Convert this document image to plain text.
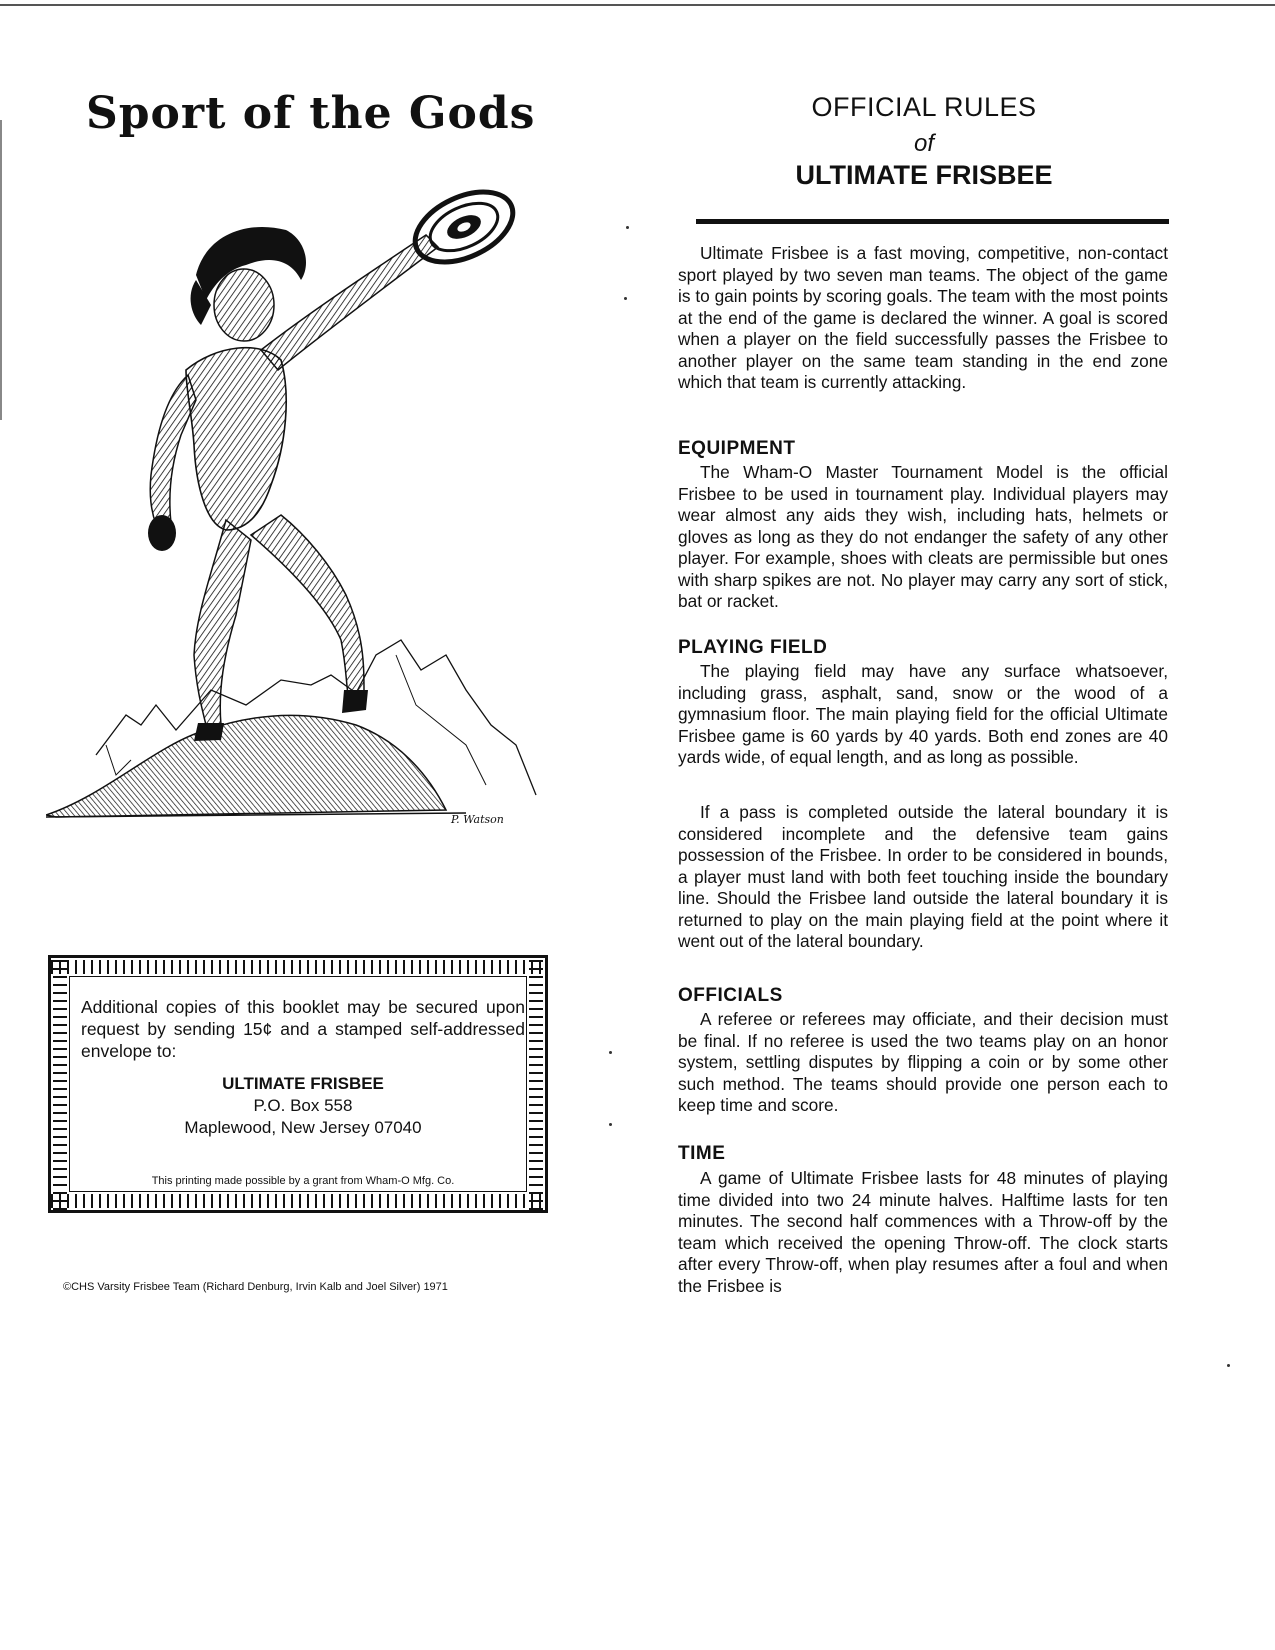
Sport of the Gods
P. Watson
Additional copies of this booklet may be secured upon request by sending 15¢ and a stamped self-addressed envelope to:
ULTIMATE FRISBEE
P.O. Box 558
Maplewood, New Jersey 07040
This printing made possible by a grant from Wham-O Mfg. Co.
©CHS Varsity Frisbee Team (Richard Denburg, Irvin Kalb and Joel Silver) 1971
OFFICIAL RULES
of
ULTIMATE FRISBEE
Ultimate Frisbee is a fast moving, competitive, non-contact sport played by two seven man teams. The object of the game is to gain points by scoring goals. The team with the most points at the end of the game is declared the winner. A goal is scored when a player on the field successfully passes the Frisbee to another player on the same team standing in the end zone which that team is currently attacking.
EQUIPMENT
The Wham-O Master Tournament Model is the official Frisbee to be used in tournament play. Individual players may wear almost any aids they wish, including hats, helmets or gloves as long as they do not endanger the safety of any other player. For example, shoes with cleats are permissible but ones with sharp spikes are not. No player may carry any sort of stick, bat or racket.
PLAYING FIELD
The playing field may have any surface whatsoever, including grass, asphalt, sand, snow or the wood of a gymnasium floor. The main playing field for the official Ultimate Frisbee game is 60 yards by 40 yards. Both end zones are 40 yards wide, of equal length, and as long as possible.
If a pass is completed outside the lateral boundary it is considered incomplete and the defensive team gains possession of the Frisbee. In order to be considered in bounds, a player must land with both feet touching inside the boundary line. Should the Frisbee land outside the lateral boundary it is returned to play on the main playing field at the point where it went out of the lateral boundary.
OFFICIALS
A referee or referees may officiate, and their decision must be final. If no referee is used the two teams play on an honor system, settling disputes by flipping a coin or by some other such method. The teams should provide one person each to keep time and score.
TIME
A game of Ultimate Frisbee lasts for 48 minutes of playing time divided into two 24 minute halves. Halftime lasts for ten minutes. The second half commences with a Throw-off by the team which received the opening Throw-off. The clock starts after every Throw-off, when play resumes after a foul and when the Frisbee is
